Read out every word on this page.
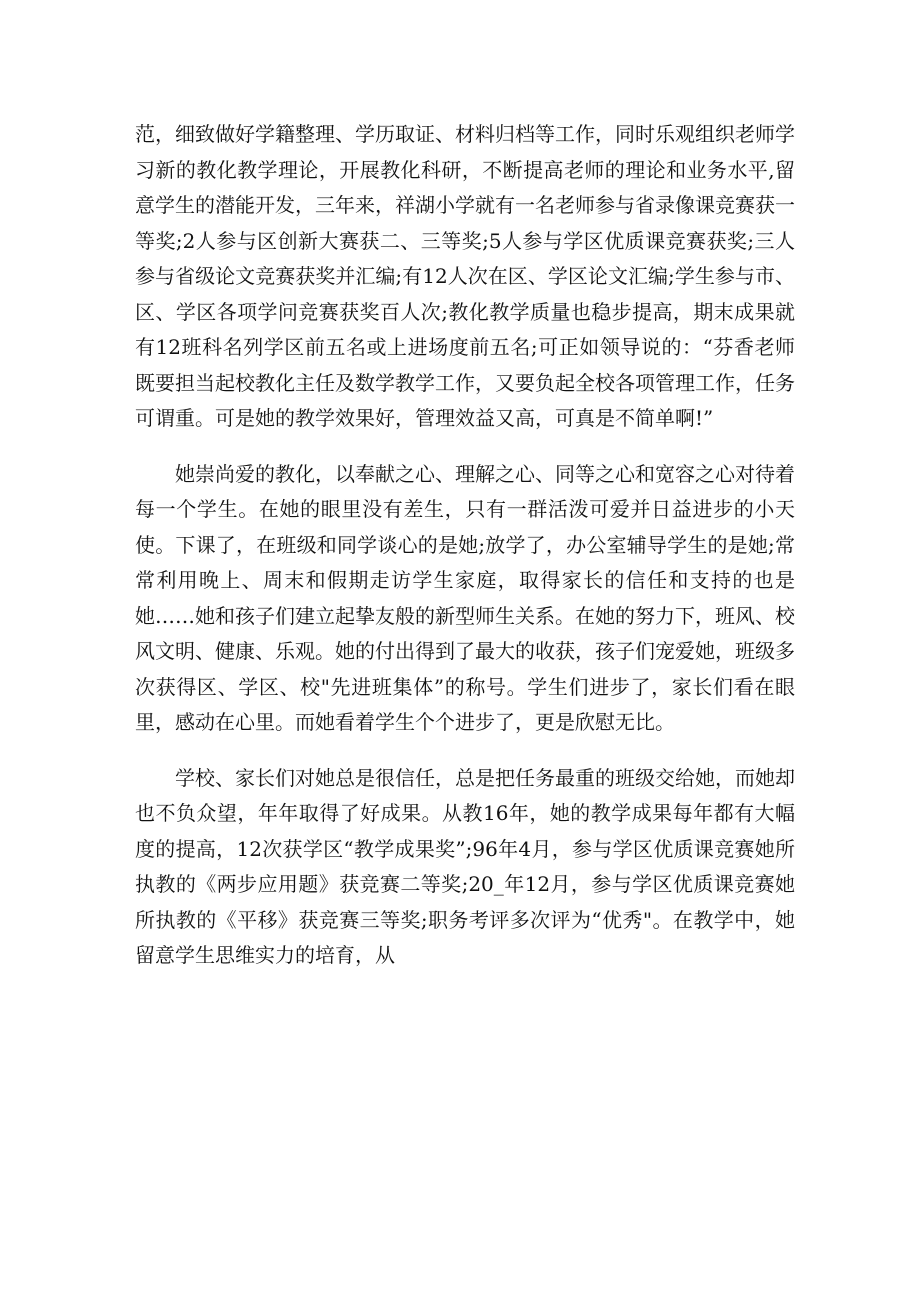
范，细致做好学籍整理、学历取证、材料归档等工作，同时乐观组织老师学习新的教化教学理论，开展教化科研，不断提高老师的理论和业务水平,留意学生的潜能开发，三年来，祥湖小学就有一名老师参与省录像课竞赛获一等奖;2人参与区创新大赛获二、三等奖;5人参与学区优质课竞赛获奖;三人参与省级论文竞赛获奖并汇编;有12人次在区、学区论文汇编;学生参与市、区、学区各项学问竞赛获奖百人次;教化教学质量也稳步提高，期末成果就有12班科名列学区前五名或上进场度前五名;可正如领导说的：“芬香老师既要担当起校教化主任及数学教学工作，又要负起全校各项管理工作，任务可谓重。可是她的教学效果好，管理效益又高，可真是不简单啊!”

她崇尚爱的教化，以奉献之心、理解之心、同等之心和宽容之心对待着每一个学生。在她的眼里没有差生，只有一群活泼可爱并日益进步的小天使。下课了，在班级和同学谈心的是她;放学了，办公室辅导学生的是她;常常利用晚上、周末和假期走访学生家庭，取得家长的信任和支持的也是她……她和孩子们建立起挚友般的新型师生关系。在她的努力下，班风、校风文明、健康、乐观。她的付出得到了最大的收获，孩子们宠爱她，班级多次获得区、学区、校"先进班集体”的称号。学生们进步了，家长们看在眼里，感动在心里。而她看着学生个个进步了，更是欣慰无比。

学校、家长们对她总是很信任，总是把任务最重的班级交给她，而她却也不负众望，年年取得了好成果。从教16年，她的教学成果每年都有大幅度的提高，12次获学区“教学成果奖”;96年4月，参与学区优质课竞赛她所执教的《两步应用题》获竞赛二等奖;20_年12月，参与学区优质课竞赛她所执教的《平移》获竞赛三等奖;职务考评多次评为“优秀"。在教学中，她留意学生思维实力的培育，从
